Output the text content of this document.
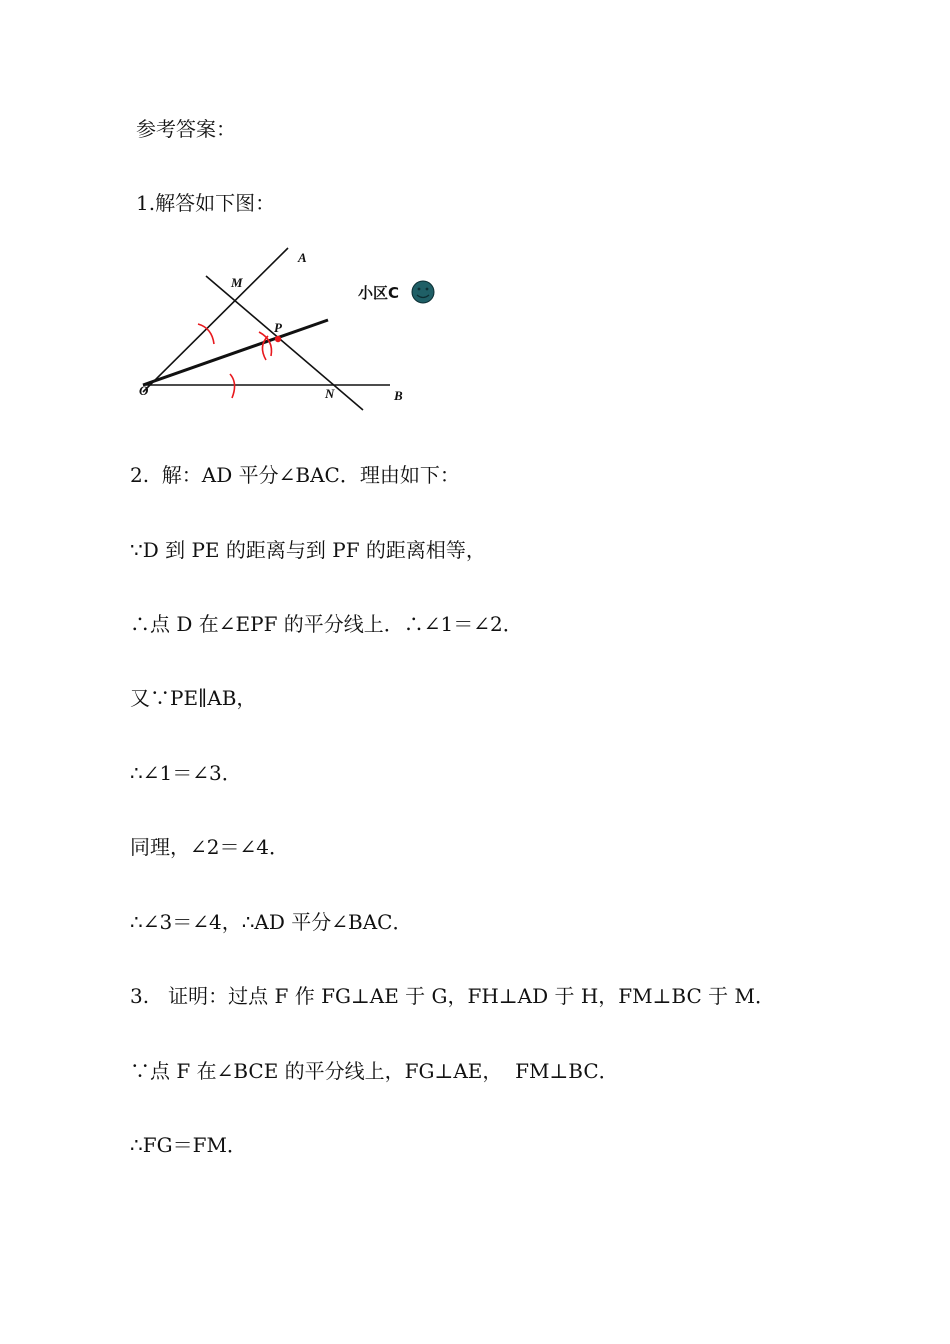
参考答案：
1.解答如下图：
A
M
P
O	N	B
小区C
2.  解：AD 平分∠BAC．理由如下：
∵D 到 PE 的距离与到 PF 的距离相等，
∴点 D 在∠EPF 的平分线上．∴∠1＝∠2．
又∵PE∥AB，
∴∠1＝∠3．
同理，∠2＝∠4．
∴∠3＝∠4，∴AD 平分∠BAC．
3.   证明：过点 F 作 FG⊥AE 于 G，FH⊥AD 于 H，FM⊥BC 于 M．
∵点 F 在∠BCE 的平分线上，FG⊥AE，  FM⊥BC．
∴FG＝FM．
